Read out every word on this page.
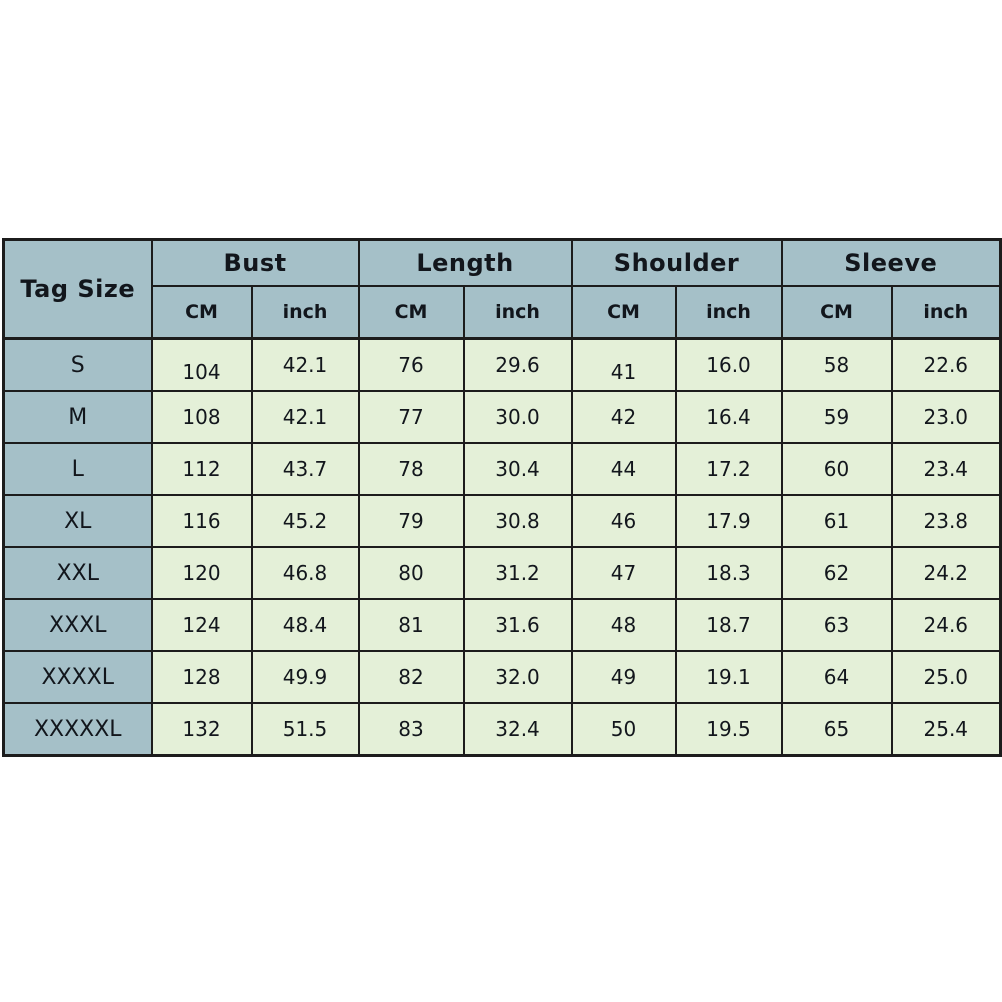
Tag Size	Bust		Length		Shoulder		Sleeve	
	CM	inch	CM	inch	CM	inch	CM	inch
S	104	42.1	76	29.6	41	16.0	58	22.6
M	108	42.1	77	30.0	42	16.4	59	23.0
L	112	43.7	78	30.4	44	17.2	60	23.4
XL	116	45.2	79	30.8	46	17.9	61	23.8
XXL	120	46.8	80	31.2	47	18.3	62	24.2
XXXL	124	48.4	81	31.6	48	18.7	63	24.6
XXXXL	128	49.9	82	32.0	49	19.1	64	25.0
XXXXXL	132	51.5	83	32.4	50	19.5	65	25.4
